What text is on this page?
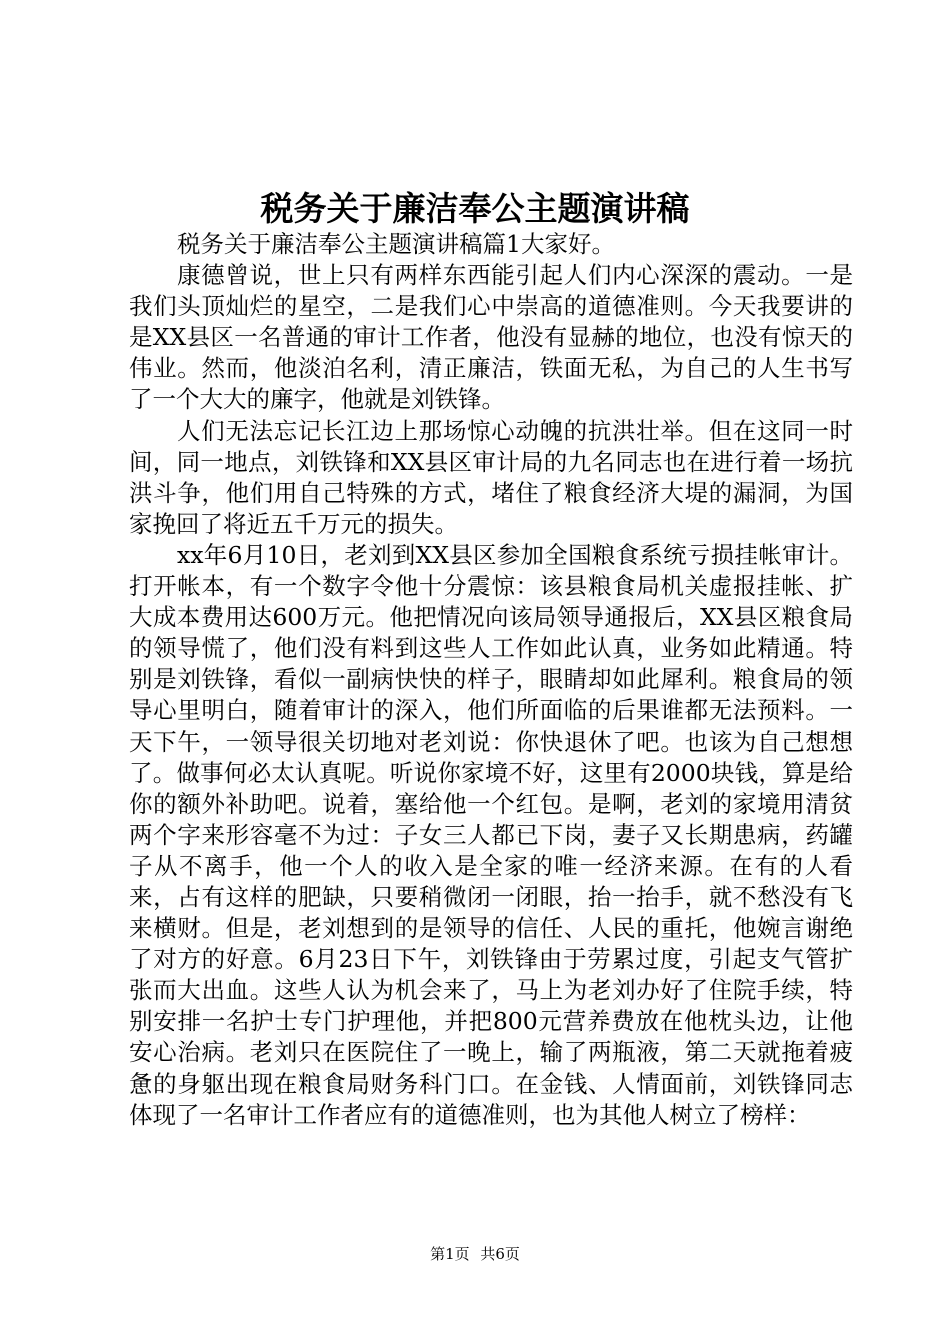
税务关于廉洁奉公主题演讲稿

税务关于廉洁奉公主题演讲稿篇1大家好。

康德曾说，世上只有两样东西能引起人们内心深深的震动。一是我们头顶灿烂的星空，二是我们心中崇高的道德准则。今天我要讲的是XX县区一名普通的审计工作者，他没有显赫的地位，也没有惊天的伟业。然而，他淡泊名利，清正廉洁，铁面无私，为自己的人生书写了一个大大的廉字，他就是刘铁锋。

人们无法忘记长江边上那场惊心动魄的抗洪壮举。但在这同一时间，同一地点，刘铁锋和XX县区审计局的九名同志也在进行着一场抗洪斗争，他们用自己特殊的方式，堵住了粮食经济大堤的漏洞，为国家挽回了将近五千万元的损失。

xx年6月10日，老刘到XX县区参加全国粮食系统亏损挂帐审计。打开帐本，有一个数字令他十分震惊：该县粮食局机关虚报挂帐、扩大成本费用达600万元。他把情况向该局领导通报后，XX县区粮食局的领导慌了，他们没有料到这些人工作如此认真，业务如此精通。特别是刘铁锋，看似一副病快快的样子，眼睛却如此犀利。粮食局的领导心里明白，随着审计的深入，他们所面临的后果谁都无法预料。一天下午，一领导很关切地对老刘说：你快退休了吧。也该为自己想想了。做事何必太认真呢。听说你家境不好，这里有2000块钱，算是给你的额外补助吧。说着，塞给他一个红包。是啊，老刘的家境用清贫两个字来形容毫不为过：子女三人都已下岗，妻子又长期患病，药罐子从不离手，他一个人的收入是全家的唯一经济来源。在有的人看来，占有这样的肥缺，只要稍微闭一闭眼，抬一抬手，就不愁没有飞来横财。但是，老刘想到的是领导的信任、人民的重托，他婉言谢绝了对方的好意。6月23日下午，刘铁锋由于劳累过度，引起支气管扩张而大出血。这些人认为机会来了，马上为老刘办好了住院手续，特别安排一名护士专门护理他，并把800元营养费放在他枕头边，让他安心治病。老刘只在医院住了一晚上，输了两瓶液，第二天就拖着疲惫的身躯出现在粮食局财务科门口。在金钱、人情面前，刘铁锋同志体现了一名审计工作者应有的道德准则，也为其他人树立了榜样：

第1页 共6页
